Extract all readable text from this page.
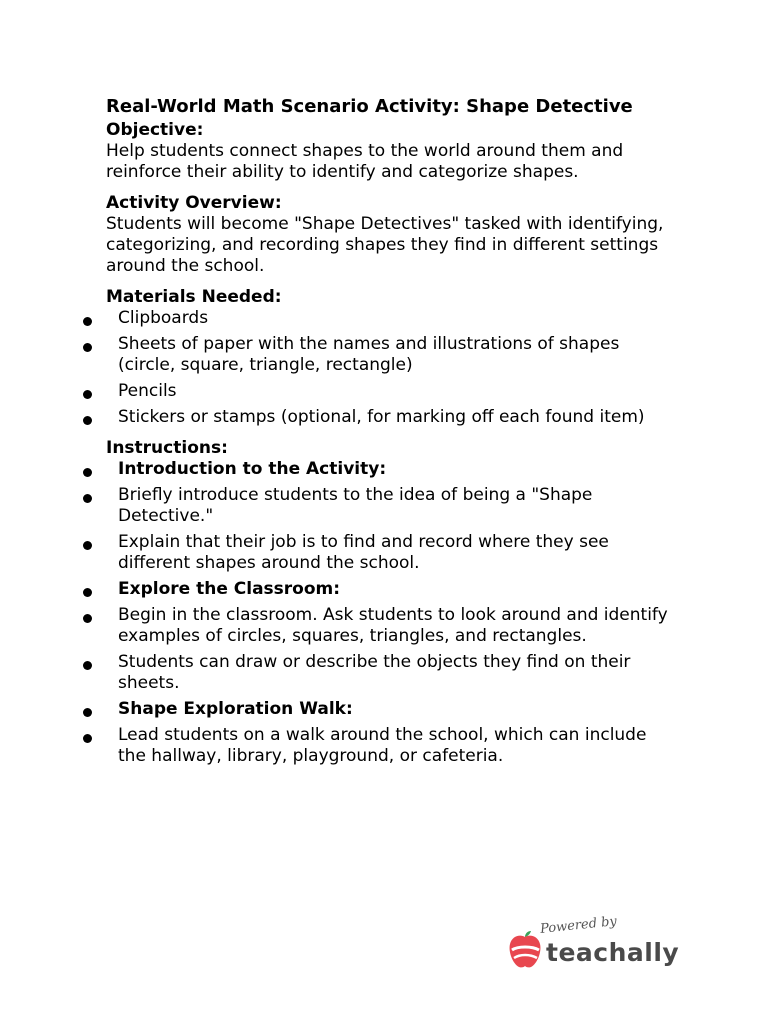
Real-World Math Scenario Activity: Shape Detective

Objective:

Help students connect shapes to the world around them and reinforce their ability to identify and categorize shapes.

Activity Overview:

Students will become "Shape Detectives" tasked with identifying, categorizing, and recording shapes they find in different settings around the school.

Materials Needed:

Clipboards
Sheets of paper with the names and illustrations of shapes (circle, square, triangle, rectangle)
Pencils
Stickers or stamps (optional, for marking off each found item)

Instructions:

Introduction to the Activity:
Briefly introduce students to the idea of being a "Shape Detective."
Explain that their job is to find and record where they see different shapes around the school.
Explore the Classroom:
Begin in the classroom. Ask students to look around and identify examples of circles, squares, triangles, and rectangles.
Students can draw or describe the objects they find on their sheets.
Shape Exploration Walk:
Lead students on a walk around the school, which can include the hallway, library, playground, or cafeteria.
Powered by
teachally
